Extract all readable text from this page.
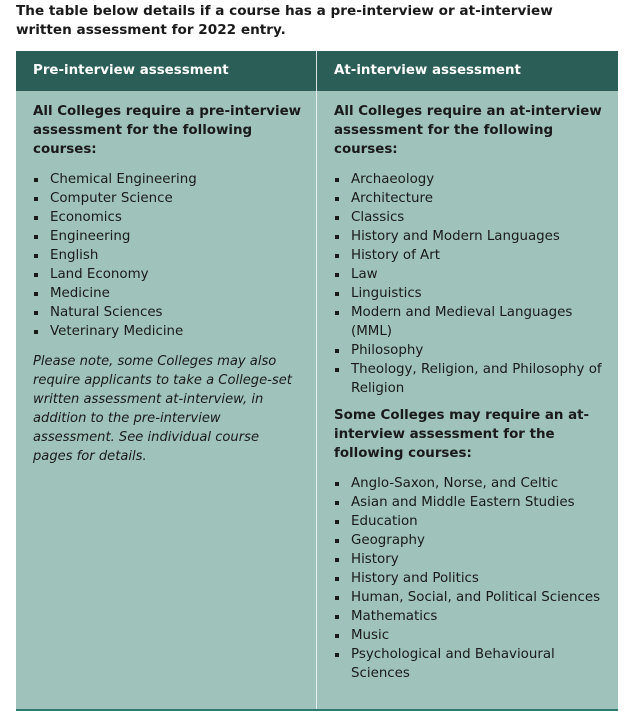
The table below details if a course has a pre-interview or at-interview written assessment for 2022 entry.
Pre-interview assessment	At-interview assessment

All Colleges require a pre-interview assessment for the following courses:

Chemical Engineering
Computer Science
Economics
Engineering
English
Land Economy
Medicine
Natural Sciences
Veterinary Medicine

Please note, some Colleges may also require applicants to take a College-set written assessment at-interview, in addition to the pre-interview assessment. See individual course pages for details.

All Colleges require an at-interview assessment for the following courses:

Archaeology
Architecture
Classics
History and Modern Languages
History of Art
Law
Linguistics
Modern and Medieval Languages (MML)
Philosophy
Theology, Religion, and Philosophy of Religion

Some Colleges may require an at-interview assessment for the following courses:

Anglo-Saxon, Norse, and Celtic
Asian and Middle Eastern Studies
Education
Geography
History
History and Politics
Human, Social, and Political Sciences
Mathematics
Music
Psychological and Behavioural Sciences
